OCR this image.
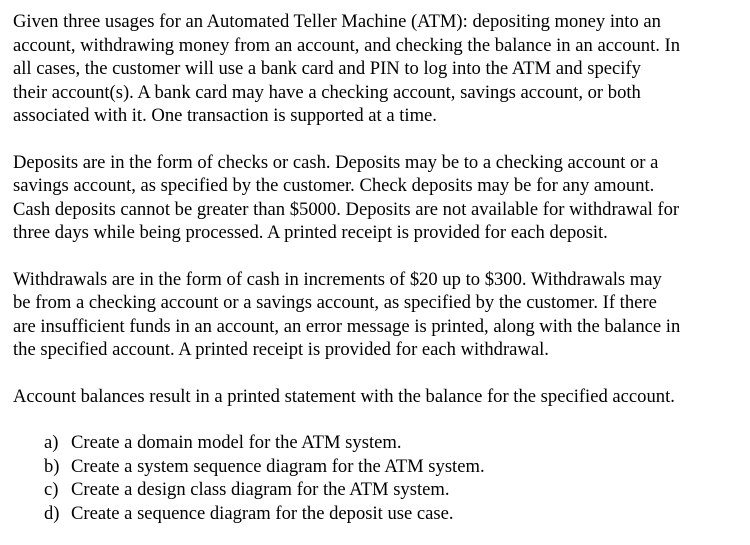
Given three usages for an Automated Teller Machine (ATM): depositing money into an
account, withdrawing money from an account, and checking the balance in an account. In
all cases, the customer will use a bank card and PIN to log into the ATM and specify
their account(s). A bank card may have a checking account, savings account, or both
associated with it. One transaction is supported at a time.

Deposits are in the form of checks or cash. Deposits may be to a checking account or a
savings account, as specified by the customer. Check deposits may be for any amount.
Cash deposits cannot be greater than $5000. Deposits are not available for withdrawal for
three days while being processed. A printed receipt is provided for each deposit.

Withdrawals are in the form of cash in increments of $20 up to $300. Withdrawals may
be from a checking account or a savings account, as specified by the customer. If there
are insufficient funds in an account, an error message is printed, along with the balance in
the specified account. A printed receipt is provided for each withdrawal.

Account balances result in a printed statement with the balance for the specified account.

a) Create a domain model for the ATM system.
b) Create a system sequence diagram for the ATM system.
c) Create a design class diagram for the ATM system.
d) Create a sequence diagram for the deposit use case.
